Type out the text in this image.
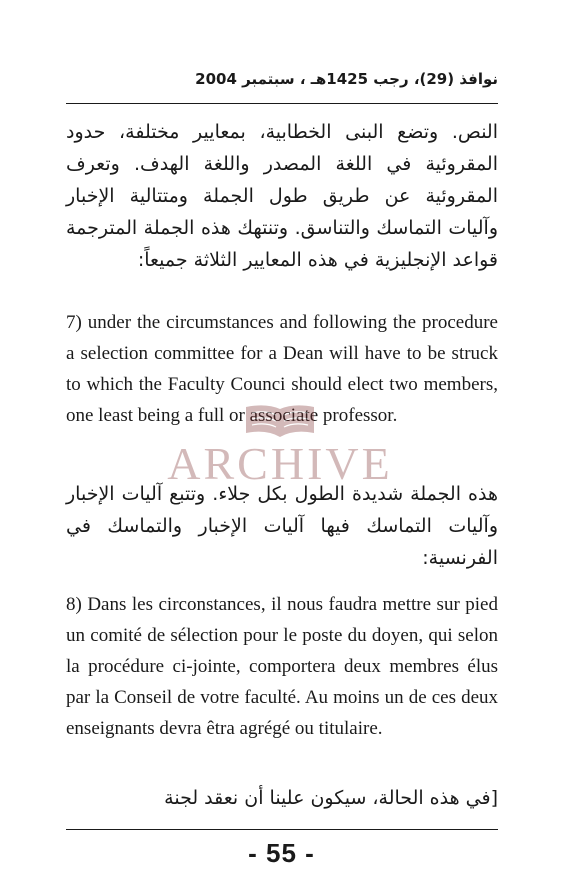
نوافذ (29)، رجب 1425هـ ، سبتمبر 2004
النص. وتضع البنى الخطابية، بمعايير مختلفة، حدود المقروئية في اللغة المصدر واللغة الهدف. وتعرف المقروئية عن طريق طول الجملة ومتتالية الإخبار وآليات التماسك والتناسق. وتنتهك هذه الجملة المترجمة قواعد الإنجليزية في هذه المعايير الثلاثة جميعاً:
7) under the circumstances and following the procedure a selection committee for a Dean will have to be struck to which the Faculty Counci should elect two members, one least being a full or associate professor.
ARCHIVE
هذه الجملة شديدة الطول بكل جلاء. وتتبع آليات الإخبار وآليات التماسك فيها آليات الإخبار والتماسك في الفرنسية:
8) Dans les circonstances, il nous faudra mettre sur pied un comité de sélection pour le poste du doyen, qui selon la procédure ci-jointe, comportera deux membres élus par la Conseil de votre faculté. Au moins un de ces deux enseignants devra êtra agrégé ou titulaire.
[في هذه الحالة، سيكون علينا أن نعقد لجنة
- 55 -
